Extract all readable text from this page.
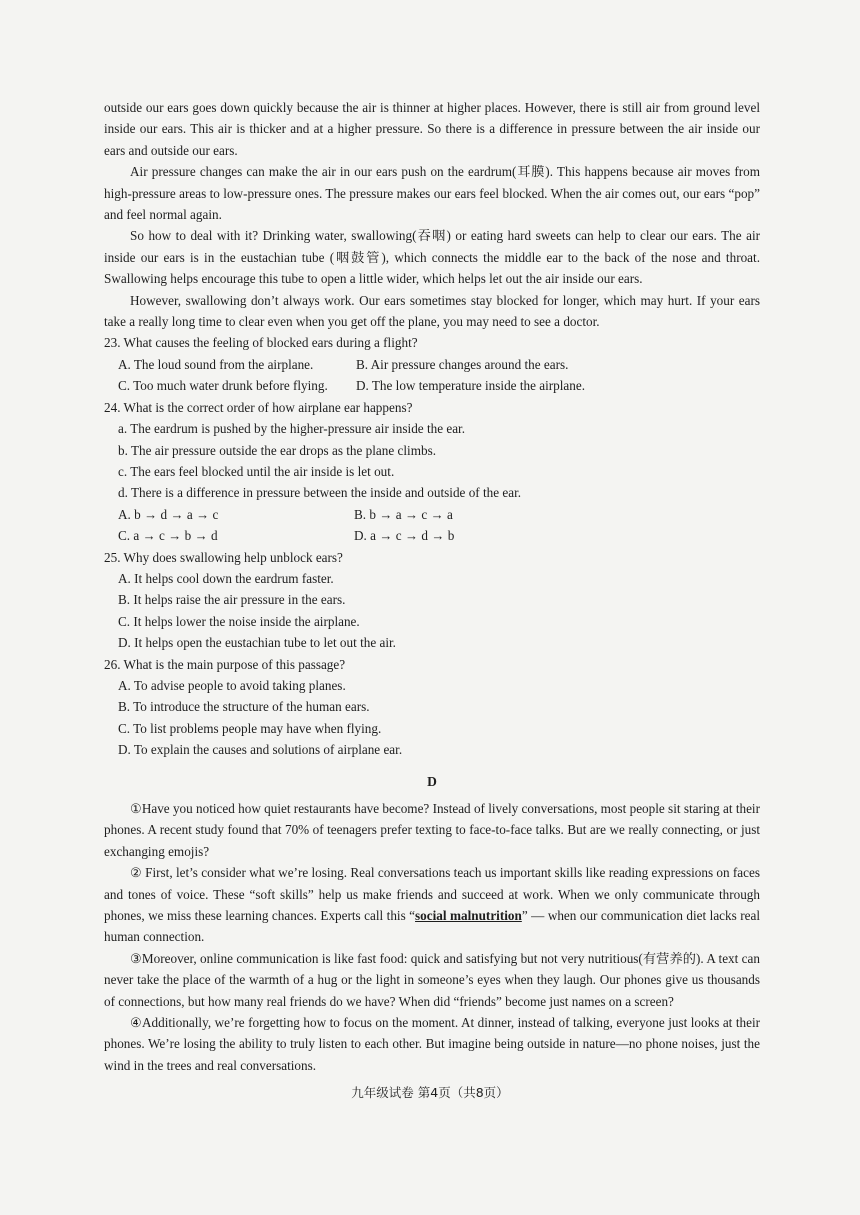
outside our ears goes down quickly because the air is thinner at higher places. However, there is still air from ground level inside our ears. This air is thicker and at a higher pressure. So there is a difference in pressure between the air inside our ears and outside our ears.

Air pressure changes can make the air in our ears push on the eardrum(耳膜). This happens because air moves from high-pressure areas to low-pressure ones. The pressure makes our ears feel blocked. When the air comes out, our ears “pop” and feel normal again.

So how to deal with it? Drinking water, swallowing(吞咽) or eating hard sweets can help to clear our ears. The air inside our ears is in the eustachian tube (咽鼓管), which connects the middle ear to the back of the nose and throat. Swallowing helps encourage this tube to open a little wider, which helps let out the air inside our ears.

However, swallowing don’t always work. Our ears sometimes stay blocked for longer, which may hurt. If your ears take a really long time to clear even when you get off the plane, you may need to see a doctor.

23. What causes the feeling of blocked ears during a flight?

A. The loud sound from the airplane.	B. Air pressure changes around the ears.
C. Too much water drunk before flying.	D. The low temperature inside the airplane.

24. What is the correct order of how airplane ear happens?

a. The eardrum is pushed by the higher-pressure air inside the ear.

b. The air pressure outside the ear drops as the plane climbs.

c. The ears feel blocked until the air inside is let out.

d. There is a difference in pressure between the inside and outside of the ear.

A. b → d → a → c	B. b → a → c → a
C. a → c → b → d	D. a → c → d → b

25. Why does swallowing help unblock ears?

A. It helps cool down the eardrum faster.

B. It helps raise the air pressure in the ears.

C. It helps lower the noise inside the airplane.

D. It helps open the eustachian tube to let out the air.

26. What is the main purpose of this passage?

A. To advise people to avoid taking planes.

B. To introduce the structure of the human ears.

C. To list problems people may have when flying.

D. To explain the causes and solutions of airplane ear.

D

①Have you noticed how quiet restaurants have become? Instead of lively conversations, most people sit staring at their phones. A recent study found that 70% of teenagers prefer texting to face-to-face talks. But are we really connecting, or just exchanging emojis?

② First, let’s consider what we’re losing. Real conversations teach us important skills like reading expressions on faces and tones of voice. These “soft skills” help us make friends and succeed at work. When we only communicate through phones, we miss these learning chances. Experts call this “social malnutrition” — when our communication diet lacks real human connection.

③Moreover, online communication is like fast food: quick and satisfying but not very nutritious(有营养的). A text can never take the place of the warmth of a hug or the light in someone’s eyes when they laugh. Our phones give us thousands of connections, but how many real friends do we have? When did “friends” become just names on a screen?

④Additionally, we’re forgetting how to focus on the moment. At dinner, instead of talking, everyone just looks at their phones. We’re losing the ability to truly listen to each other. But imagine being outside in nature—no phone noises, just the wind in the trees and real conversations.

九年级试卷 第4页（共8页）
